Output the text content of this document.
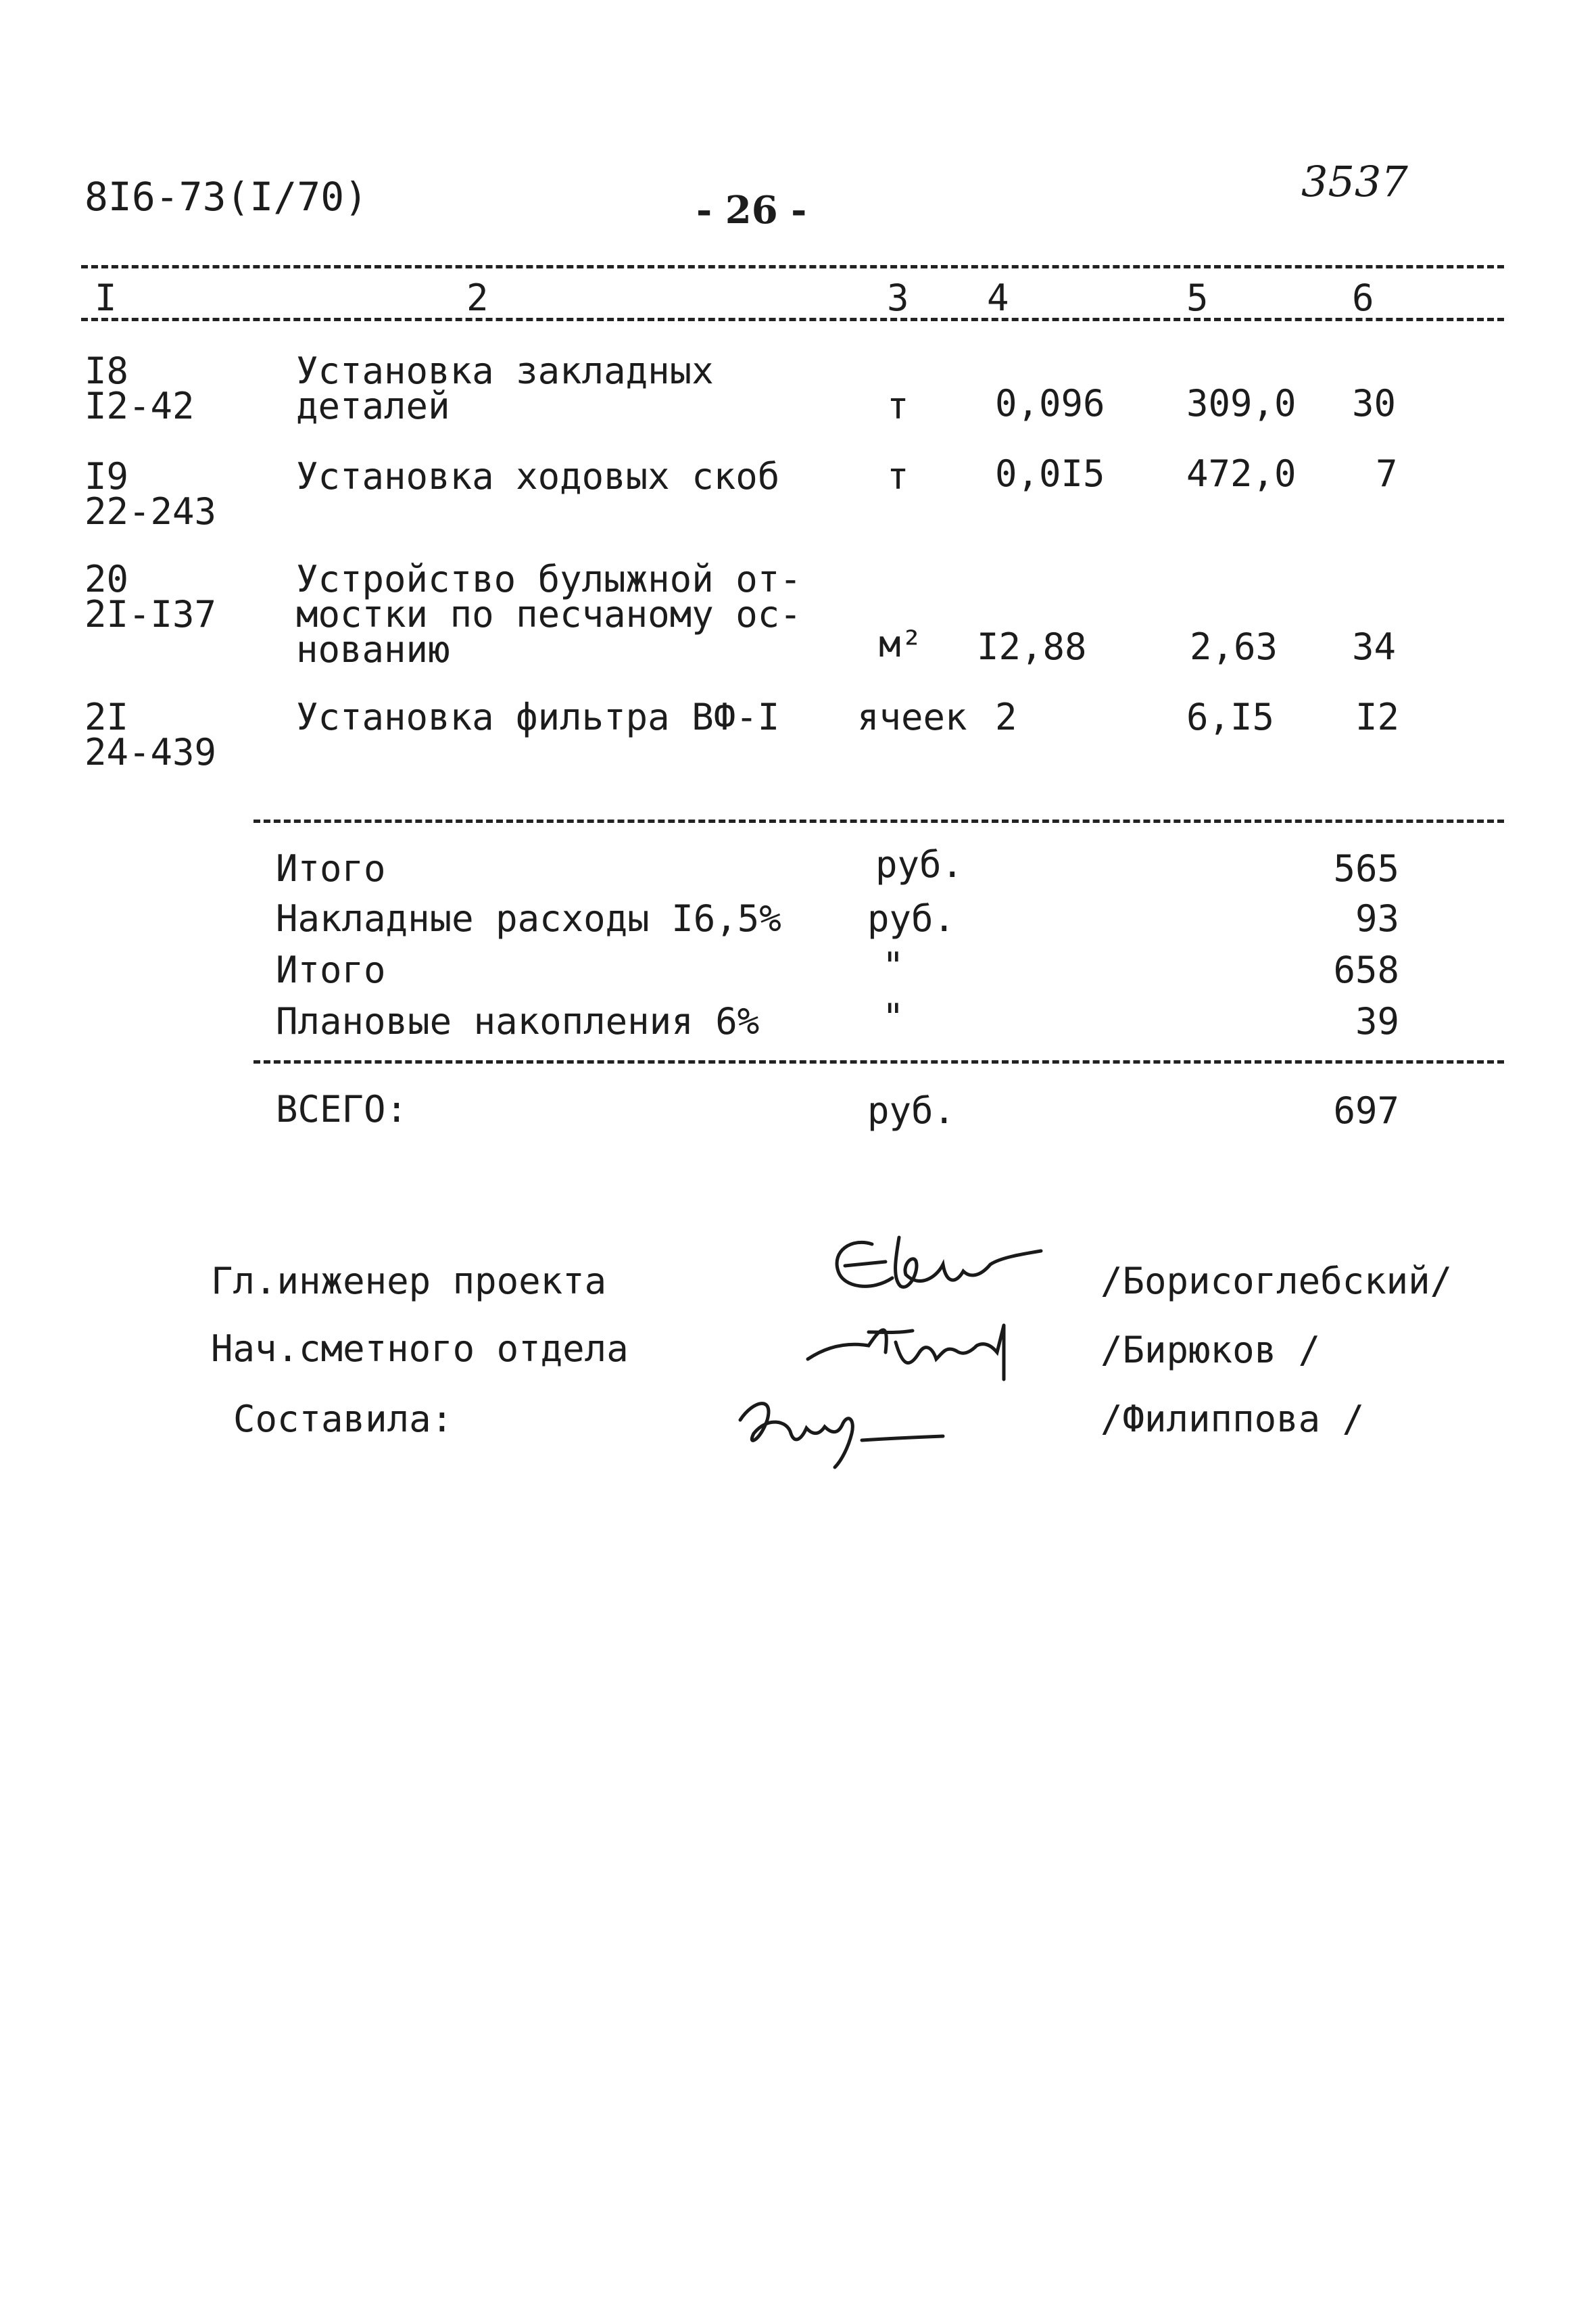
8I6-73(I/70)	- 26 -
3537
I	2	3 4	5	6
I8
I2-42
Установка закладных
деталей	т 0,096 309,0 30
I9
22-243
Установка ходовых скоб	т 0,0I5 472,0 7
20
2I-I37
Устройство булыжной от-
мостки по песчаному ос-
нованию	м² I2,88	2,63 34
2I
24-439
Установка фильтра ВФ-I ячеек 2	6,I5 I2
Итого	руб.	565
Накладные расходы I6,5% руб.	93
Итого	"	658
Плановые накопления 6%	"	39
ВСЕГО:	руб.	697
Гл.инженер проекта	/Борисоглебский/
Нач.сметного отдела	/Бирюков /
Составила:	/Филиппова /
